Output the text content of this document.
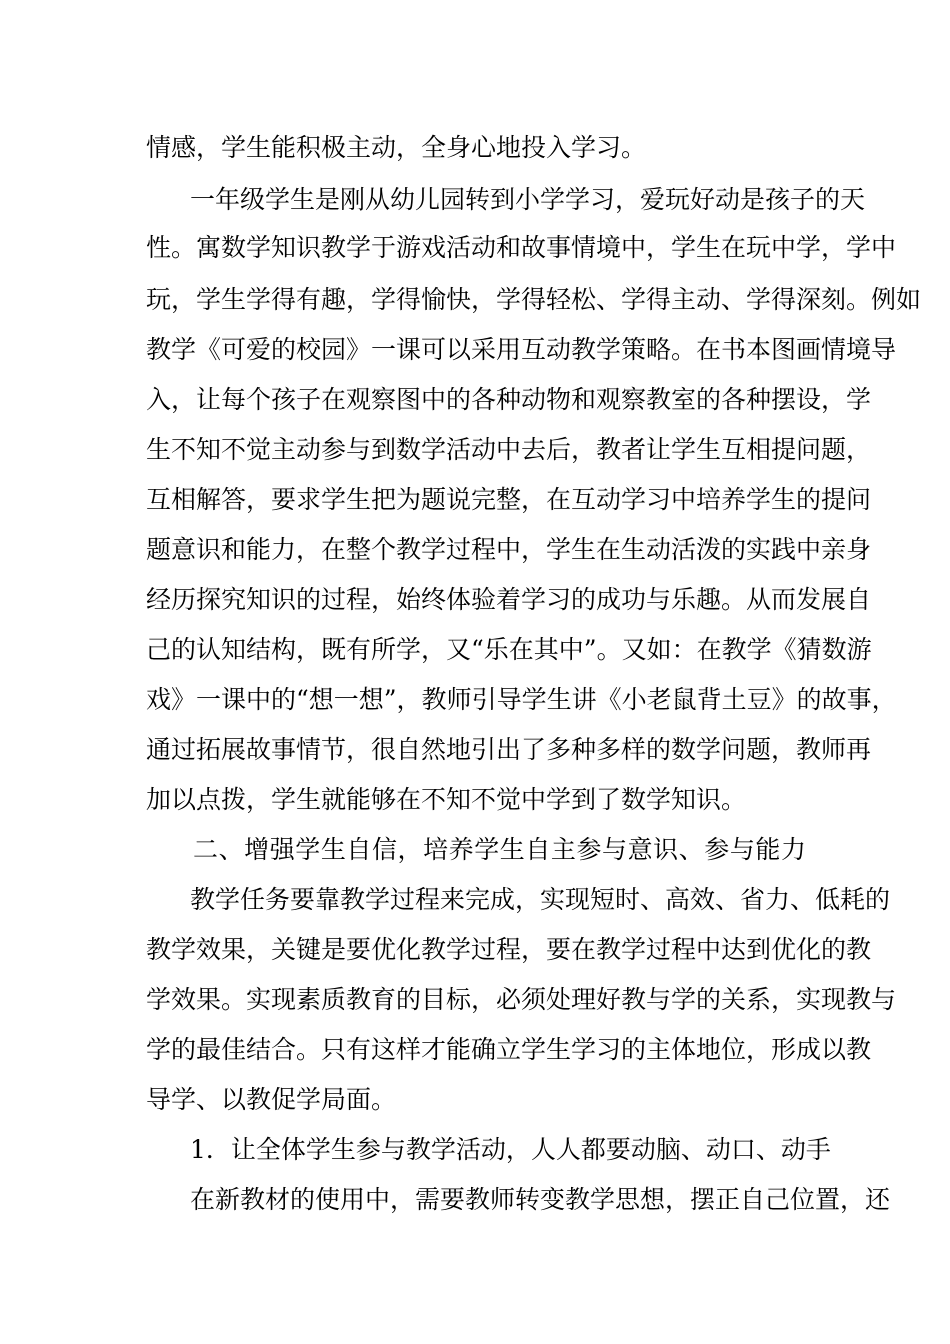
情感，学生能积极主动，全身心地投入学习。
一年级学生是刚从幼儿园转到小学学习，爱玩好动是孩子的天
性。寓数学知识教学于游戏活动和故事情境中，学生在玩中学，学中
玩，学生学得有趣，学得愉快，学得轻松、学得主动、学得深刻。例如
教学《可爱的校园》一课可以采用互动教学策略。在书本图画情境导
入，让每个孩子在观察图中的各种动物和观察教室的各种摆设，学
生不知不觉主动参与到数学活动中去后，教者让学生互相提问题，
互相解答，要求学生把为题说完整，在互动学习中培养学生的提问
题意识和能力，在整个教学过程中，学生在生动活泼的实践中亲身
经历探究知识的过程，始终体验着学习的成功与乐趣。从而发展自
己的认知结构，既有所学，又“乐在其中”。又如：在教学《猜数游
戏》一课中的“想一想”，教师引导学生讲《小老鼠背土豆》的故事，
通过拓展故事情节，很自然地引出了多种多样的数学问题，教师再
加以点拨，学生就能够在不知不觉中学到了数学知识。
二、增强学生自信，培养学生自主参与意识、参与能力
教学任务要靠教学过程来完成，实现短时、高效、省力、低耗的
教学效果，关键是要优化教学过程，要在教学过程中达到优化的教
学效果。实现素质教育的目标，必须处理好教与学的关系，实现教与
学的最佳结合。只有这样才能确立学生学习的主体地位，形成以教
导学、以教促学局面。
1．让全体学生参与教学活动，人人都要动脑、动口、动手
在新教材的使用中，需要教师转变教学思想，摆正自己位置，还
